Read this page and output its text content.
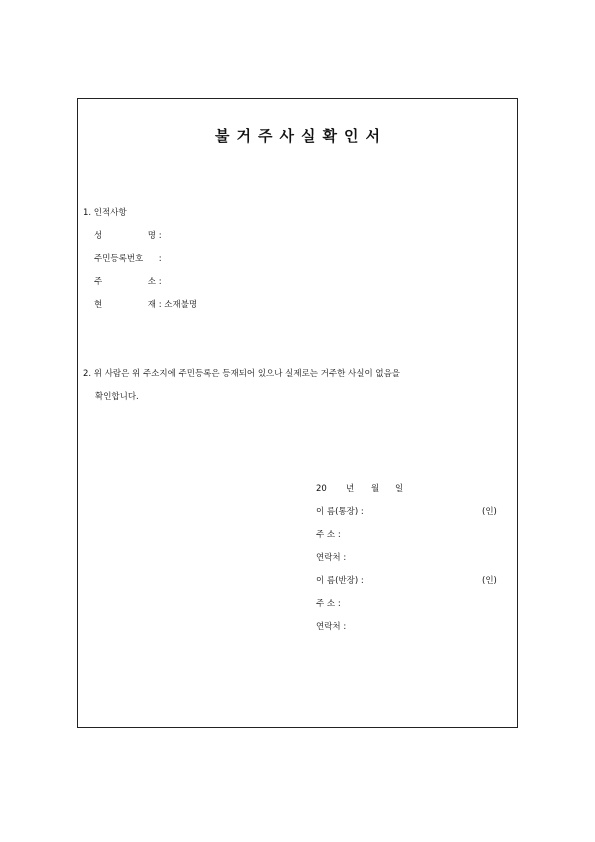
불거주사실확인서
1. 인적사항
성	명 :
주민등록번호 :
주	소 :
현	재 : 소재불명
2. 위 사람은 위 주소지에 주민등록은 등재되어 있으나 실제로는 거주한 사실이 없음을
확인합니다.
20 년 월 일
이 름(통장) :	(인)
주 소 :
연락처 :
이 름(반장) :	(인)
주 소 :
연락처 :
